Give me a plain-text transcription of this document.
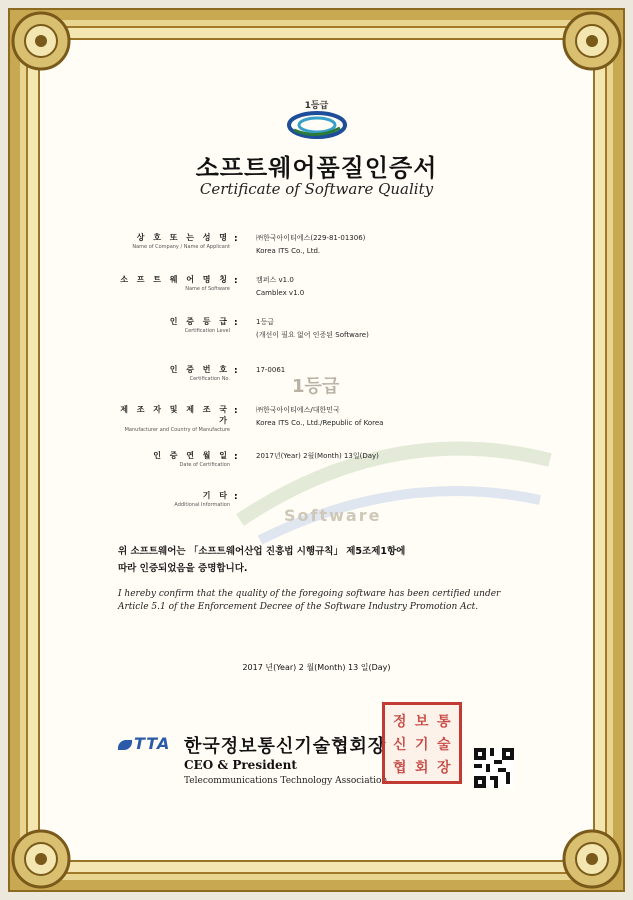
1등급
소프트웨어품질인증서
Certificate of Software Quality
상 호 또 는 성 명
Name of Company / Name of Applicant
:	㈜한국아이티에스(229-81-01306)
Korea ITS Co., Ltd.
소 프 트 웨 어 명 칭
Name of Software
:	캠퍼스 v1.0
Camblex v1.0
인 증 등 급
Certification Level
:	1등급
(개선이 필요 없어 인증된 Software)
인 증 번 호
Certification No.
:	17-0061
제 조 자 및 제 조 국 가
Manufacturer and Country of Manufacture
:	㈜한국아이티에스/대한민국
Korea ITS Co., Ltd./Republic of Korea
인 증 연 월 일
Date of Certification
:	2017년(Year) 2월(Month) 13일(Day)
기 타
Additional Information
:
1등급
Software
위 소프트웨어는 「소프트웨어산업 진흥법 시행규칙」 제5조제1항에
따라 인증되었음을 증명합니다.
I hereby confirm that the quality of the foregoing software has been certified under Article 5.1 of the Enforcement Decree of the Software Industry Promotion Act.
2017 년(Year) 2 월(Month) 13 일(Day)
TTA 한국정보통신기술협회장
CEO & President
Telecommunications Technology Association
정 보 통
신 기 술
협 회 장
